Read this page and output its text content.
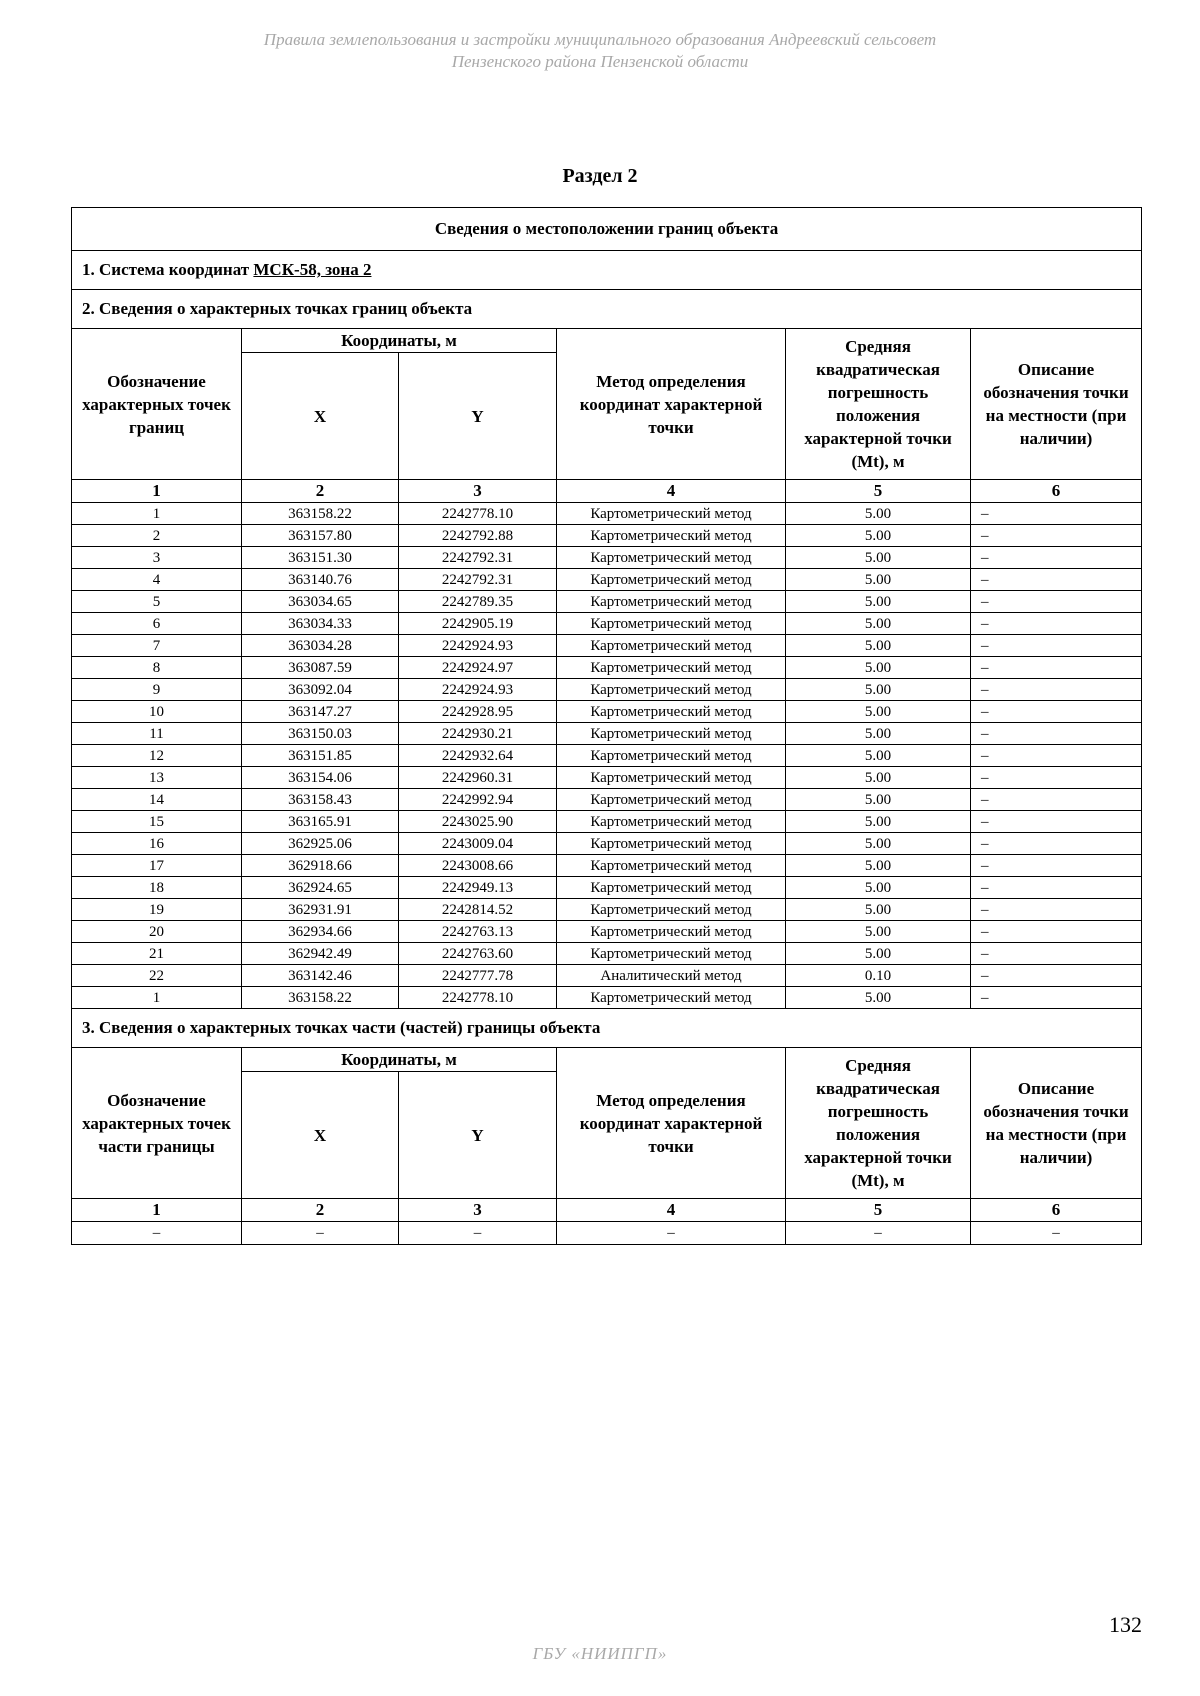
Правила землепользования и застройки муниципального образования Андреевский сельсовет
Пензенского района Пензенской области
Раздел 2
Сведения о местоположении границ объекта					
1. Система координат МСК-58, зона 2					
2. Сведения о характерных точках границ объекта					
Обозначение характерных точек границ	Координаты, м		Метод определения координат характерной точки	Средняя квадратическая погрешность положения характерной точки (Mt), м	Описание обозначения точки на местности (при наличии)
	X	Y			
1	2	3	4	5	6
1	363158.22	2242778.10	Картометрический метод	5.00	–
2	363157.80	2242792.88	Картометрический метод	5.00	–
3	363151.30	2242792.31	Картометрический метод	5.00	–
4	363140.76	2242792.31	Картометрический метод	5.00	–
5	363034.65	2242789.35	Картометрический метод	5.00	–
6	363034.33	2242905.19	Картометрический метод	5.00	–
7	363034.28	2242924.93	Картометрический метод	5.00	–
8	363087.59	2242924.97	Картометрический метод	5.00	–
9	363092.04	2242924.93	Картометрический метод	5.00	–
10	363147.27	2242928.95	Картометрический метод	5.00	–
11	363150.03	2242930.21	Картометрический метод	5.00	–
12	363151.85	2242932.64	Картометрический метод	5.00	–
13	363154.06	2242960.31	Картометрический метод	5.00	–
14	363158.43	2242992.94	Картометрический метод	5.00	–
15	363165.91	2243025.90	Картометрический метод	5.00	–
16	362925.06	2243009.04	Картометрический метод	5.00	–
17	362918.66	2243008.66	Картометрический метод	5.00	–
18	362924.65	2242949.13	Картометрический метод	5.00	–
19	362931.91	2242814.52	Картометрический метод	5.00	–
20	362934.66	2242763.13	Картометрический метод	5.00	–
21	362942.49	2242763.60	Картометрический метод	5.00	–
22	363142.46	2242777.78	Аналитический метод	0.10	–
1	363158.22	2242778.10	Картометрический метод	5.00	–
3. Сведения о характерных точках части (частей) границы объекта					
Обозначение характерных точек части границы	Координаты, м		Метод определения координат характерной точки	Средняя квадратическая погрешность положения характерной точки (Mt), м	Описание обозначения точки на местности (при наличии)
	X	Y			
1	2	3	4	5	6
–	–	–	–	–	–
132
ГБУ «НИИПГП»
